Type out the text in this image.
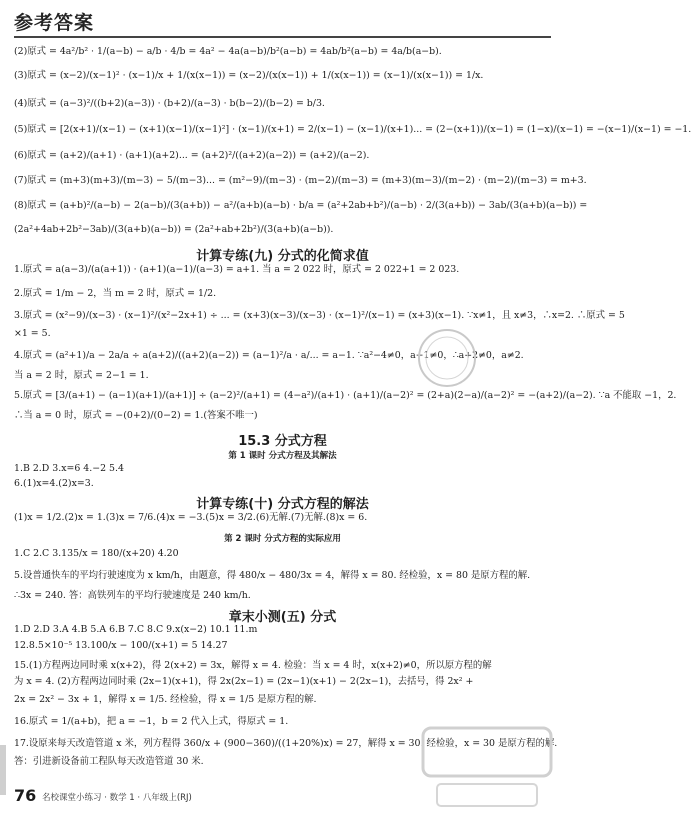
参考答案
(2)原式 = 4a²/b² · 1/(a−b) − a/b · 4/b = 4a² − 4a(a−b)/b²(a−b) = 4ab/b²(a−b) = 4a/b(a−b).
(3)原式 = (x−2)/(x−1)² · (x−1)/x + 1/(x(x−1)) = (x−2)/(x(x−1)) + 1/(x(x−1)) = (x−1)/(x(x−1)) = 1/x.
(4)原式 = (a−3)²/((b+2)(a−3)) · (b+2)/(a−3) · b(b−2)/(b−2) = b/3.
(5)原式 = [2(x+1)/(x−1) − (x+1)(x−1)/(x−1)²] · (x−1)/(x+1) = 2/(x−1) − (x−1)/(x+1)... = (2−(x+1))/(x−1) = (1−x)/(x−1) = −(x−1)/(x−1) = −1.
(6)原式 = (a+2)/(a+1) · (a+1)(a+2)... = (a+2)²/((a+2)(a−2)) = (a+2)/(a−2).
(7)原式 = (m+3)(m+3)/(m−3) − 5/(m−3)... = (m²−9)/(m−3) · (m−2)/(m−3) = (m+3)(m−3)/(m−2) · (m−2)/(m−3) = m+3.
(8)原式 = (a+b)²/(a−b) − 2(a−b)/(3(a+b)) − a²/(a+b)(a−b) · b/a = (a²+2ab+b²)/(a−b) · 2/(3(a+b)) − 3ab/(3(a+b)(a−b)) =
(2a²+4ab+2b²−3ab)/(3(a+b)(a−b)) = (2a²+ab+2b²)/(3(a+b)(a−b)).
计算专练(九) 分式的化简求值
1.原式 = a(a−3)/(a(a+1)) · (a+1)(a−1)/(a−3) = a+1. 当 a = 2 022 时，原式 = 2 022+1 = 2 023.
2.原式 = 1/m − 2，当 m = 2 时，原式 = 1/2.
3.原式 = (x²−9)/(x−3) · (x−1)²/(x²−2x+1) ÷ ... = (x+3)(x−3)/(x−3) · (x−1)²/(x−1) = (x+3)(x−1). ∵x≠1，且 x≠3，∴x=2. ∴原式 = 5
×1 = 5.
4.原式 = (a²+1)/a − 2a/a ÷ a(a+2)/((a+2)(a−2)) = (a−1)²/a · a/... = a−1. ∵a²−4≠0，a−1≠0，∴a+2≠0，a≠2.
当 a = 2 时，原式 = 2−1 = 1.
5.原式 = [3/(a+1) − (a−1)(a+1)/(a+1)] ÷ (a−2)²/(a+1) = (4−a²)/(a+1) · (a+1)/(a−2)² = (2+a)(2−a)/(a−2)² = −(a+2)/(a−2). ∵a 不能取 −1，2.
∴当 a = 0 时，原式 = −(0+2)/(0−2) = 1.(答案不唯一)
15.3 分式方程
第 1 课时 分式方程及其解法
1.B 2.D 3.x=6 4.−2 5.4
6.(1)x=4.(2)x=3.
计算专练(十) 分式方程的解法
(1)x = 1/2.(2)x = 1.(3)x = 7/6.(4)x = −3.(5)x = 3/2.(6)无解.(7)无解.(8)x = 6.
第 2 课时 分式方程的实际应用
1.C 2.C 3.135/x = 180/(x+20) 4.20
5.设普通快车的平均行驶速度为 x km/h，由题意，得 480/x − 480/3x = 4，解得 x = 80. 经检验，x = 80 是原方程的解.
∴3x = 240. 答：高铁列车的平均行驶速度是 240 km/h.
章末小测(五) 分式
1.D 2.D 3.A 4.B 5.A 6.B 7.C 8.C 9.x(x−2) 10.1 11.m
12.8.5×10⁻⁵ 13.100/x − 100/(x+1) = 5 14.27
15.(1)方程两边同时乘 x(x+2)，得 2(x+2) = 3x，解得 x = 4. 检验：当 x = 4 时，x(x+2)≠0，所以原方程的解
为 x = 4. (2)方程两边同时乘 (2x−1)(x+1)，得 2x(2x−1) = (2x−1)(x+1) − 2(2x−1)，去括号，得 2x² +
2x = 2x² − 3x + 1，解得 x = 1/5. 经检验，得 x = 1/5 是原方程的解.
16.原式 = 1/(a+b)，把 a = −1，b = 2 代入上式，得原式 = 1.
17.设原来每天改造管道 x 米，列方程得 360/x + (900−360)/((1+20%)x) = 27，解得 x = 30. 经检验，x = 30 是原方程的解.
答：引进新设备前工程队每天改造管道 30 米.
76 名校课堂小练习 · 数学 1 · 八年级上(RJ)
